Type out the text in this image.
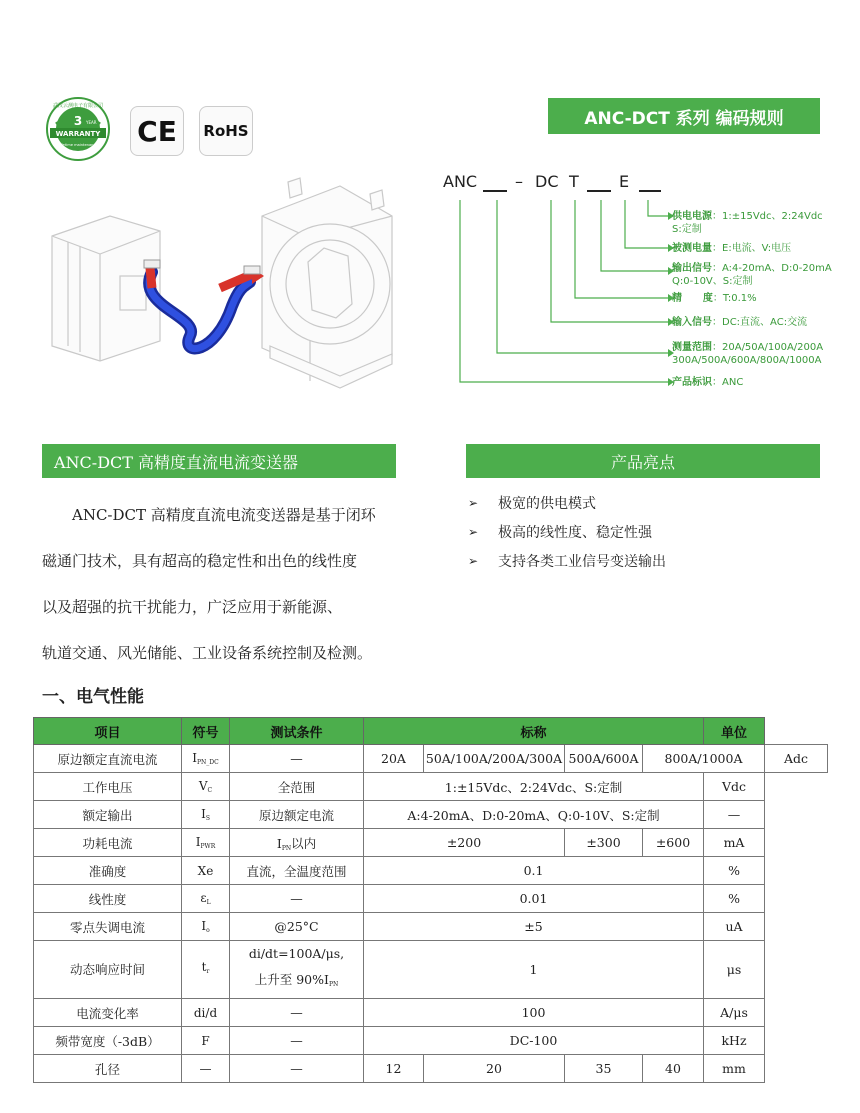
3 YEAR
WARRANTY
Lifetime maintenance
武汉云测电子有限公司
CE	RoHS
ANC-DCT 系列 编码规则
ANC – DC T	E
供电电源：1:±15Vdc、2:24Vdc
S:定制
被测电量：E:电流、V:电压
输出信号：A:4-20mA、D:0-20mA
Q:0-10V、S:定制
精      度：T:0.1%
输入信号：DC:直流、AC:交流
测量范围：20A/50A/100A/200A
300A/500A/600A/800A/1000A
产品标识：ANC
ANC-DCT 高精度直流电流变送器
ANC-DCT 高精度直流电流变送器是基于闭环
磁通门技术，具有超高的稳定性和出色的线性度
以及超强的抗干扰能力，广泛应用于新能源、
轨道交通、风光储能、工业设备系统控制及检测。
产品亮点
➢	极宽的供电模式
➢	极高的线性度、稳定性强
➢	支持各类工业信号变送输出
一、电气性能
项目	符号	测试条件	标称				单位	
原边额定直流电流	$I_{PN\_DC}$	—	20A	50A/100A/200A/300A	500A/600A	800A/1000A		Adc
工作电压	$V_C$	全范围	1:±15Vdc、2:24Vdc、S:定制				Vdc	
额定输出	$I_S$	原边额定电流	A:4-20mA、D:0-20mA、Q:0-10V、S:定制				—	
功耗电流	$I_{PWR}$	$I_{PN}$以内	±200		±300	±600	mA	
准确度	Xe	直流，全温度范围	0.1				%	
线性度	$\varepsilon_L$	—	0.01				%	
零点失调电流	$I_o$	@25°C	±5				uA	
动态响应时间	$t_r$	di/dt=100A/μs,
上升至 $90\%I_{PN}$	1				μs	
电流变化率	di/d	—	100				A/μs	
频带宽度（-3dB）	F	—	DC-100				kHz	
孔径	—	—	12	20	35	40	mm	
